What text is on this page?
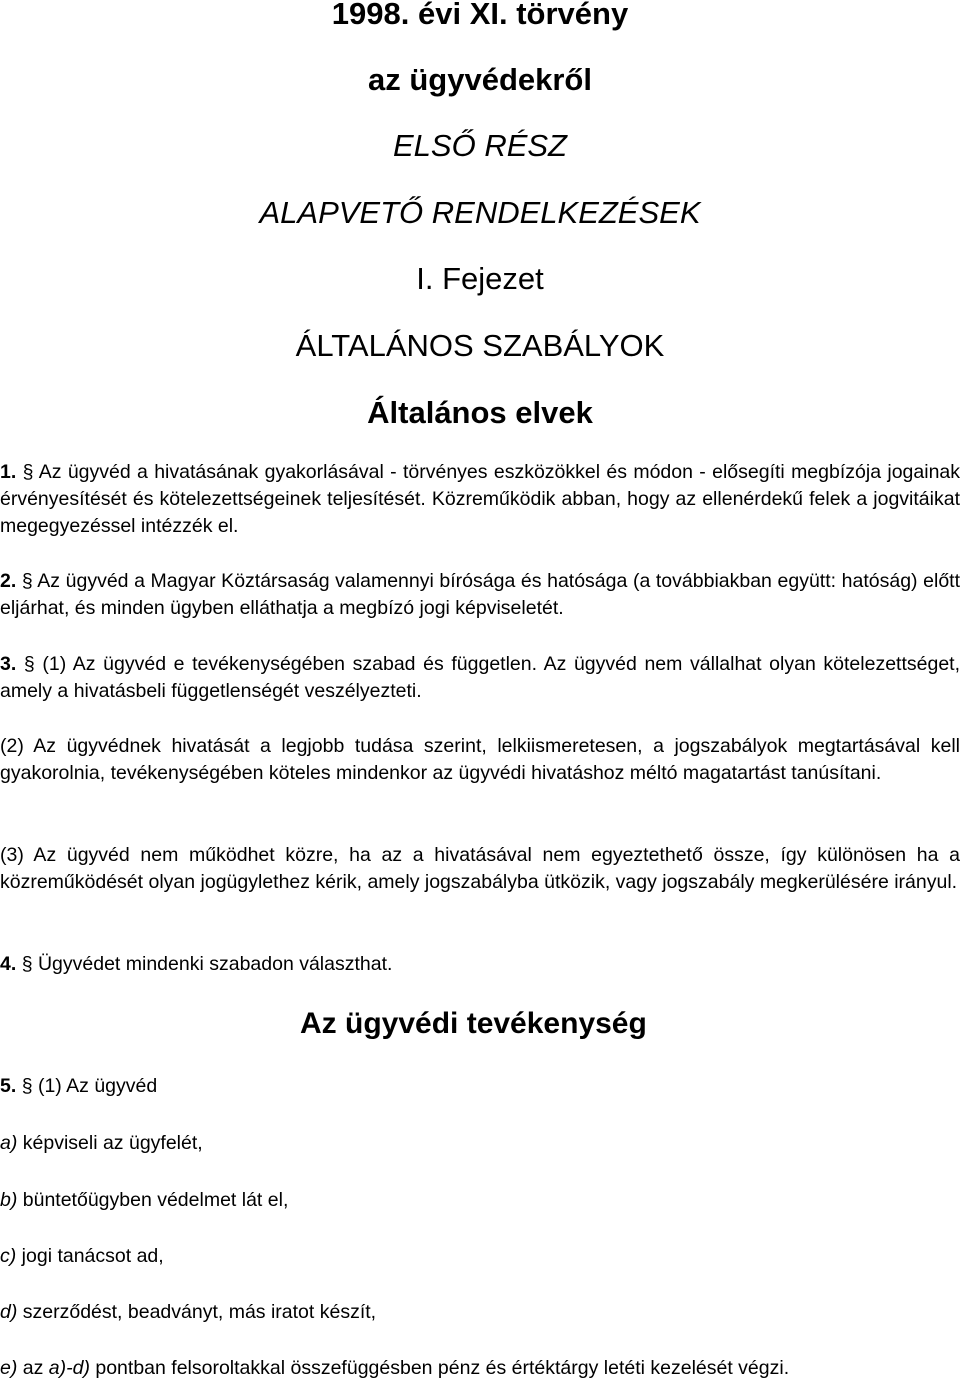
1998. évi XI. törvény
az ügyvédekről
ELSŐ RÉSZ
ALAPVETŐ RENDELKEZÉSEK
I. Fejezet
ÁLTALÁNOS SZABÁLYOK
Általános elvek

1. § Az ügyvéd a hivatásának gyakorlásával - törvényes eszközökkel és módon - elősegíti megbízója jogainak érvényesítését és kötelezettségeinek teljesítését. Közreműködik abban, hogy az ellenérdekű felek a jogvitáikat megegyezéssel intézzék el.

2. § Az ügyvéd a Magyar Köztársaság valamennyi bírósága és hatósága (a továbbiakban együtt: hatóság) előtt eljárhat, és minden ügyben elláthatja a megbízó jogi képviseletét.

3. § (1) Az ügyvéd e tevékenységében szabad és független. Az ügyvéd nem vállalhat olyan kötelezettséget, amely a hivatásbeli függetlenségét veszélyezteti.

(2) Az ügyvédnek hivatását a legjobb tudása szerint, lelkiismeretesen, a jogszabályok megtartásával kell gyakorolnia, tevékenységében köteles mindenkor az ügyvédi hivatáshoz méltó magatartást tanúsítani.

(3) Az ügyvéd nem működhet közre, ha az a hivatásával nem egyeztethető össze, így különösen ha a közreműködését olyan jogügylethez kérik, amely jogszabályba ütközik, vagy jogszabály megkerülésére irányul.

4. § Ügyvédet mindenki szabadon választhat.

Az ügyvédi tevékenység

5. § (1) Az ügyvéd

a) képviseli az ügyfelét,

b) büntetőügyben védelmet lát el,

c) jogi tanácsot ad,

d) szerződést, beadványt, más iratot készít,

e) az a)-d) pontban felsoroltakkal összefüggésben pénz és értéktárgy letéti kezelését végzi.
